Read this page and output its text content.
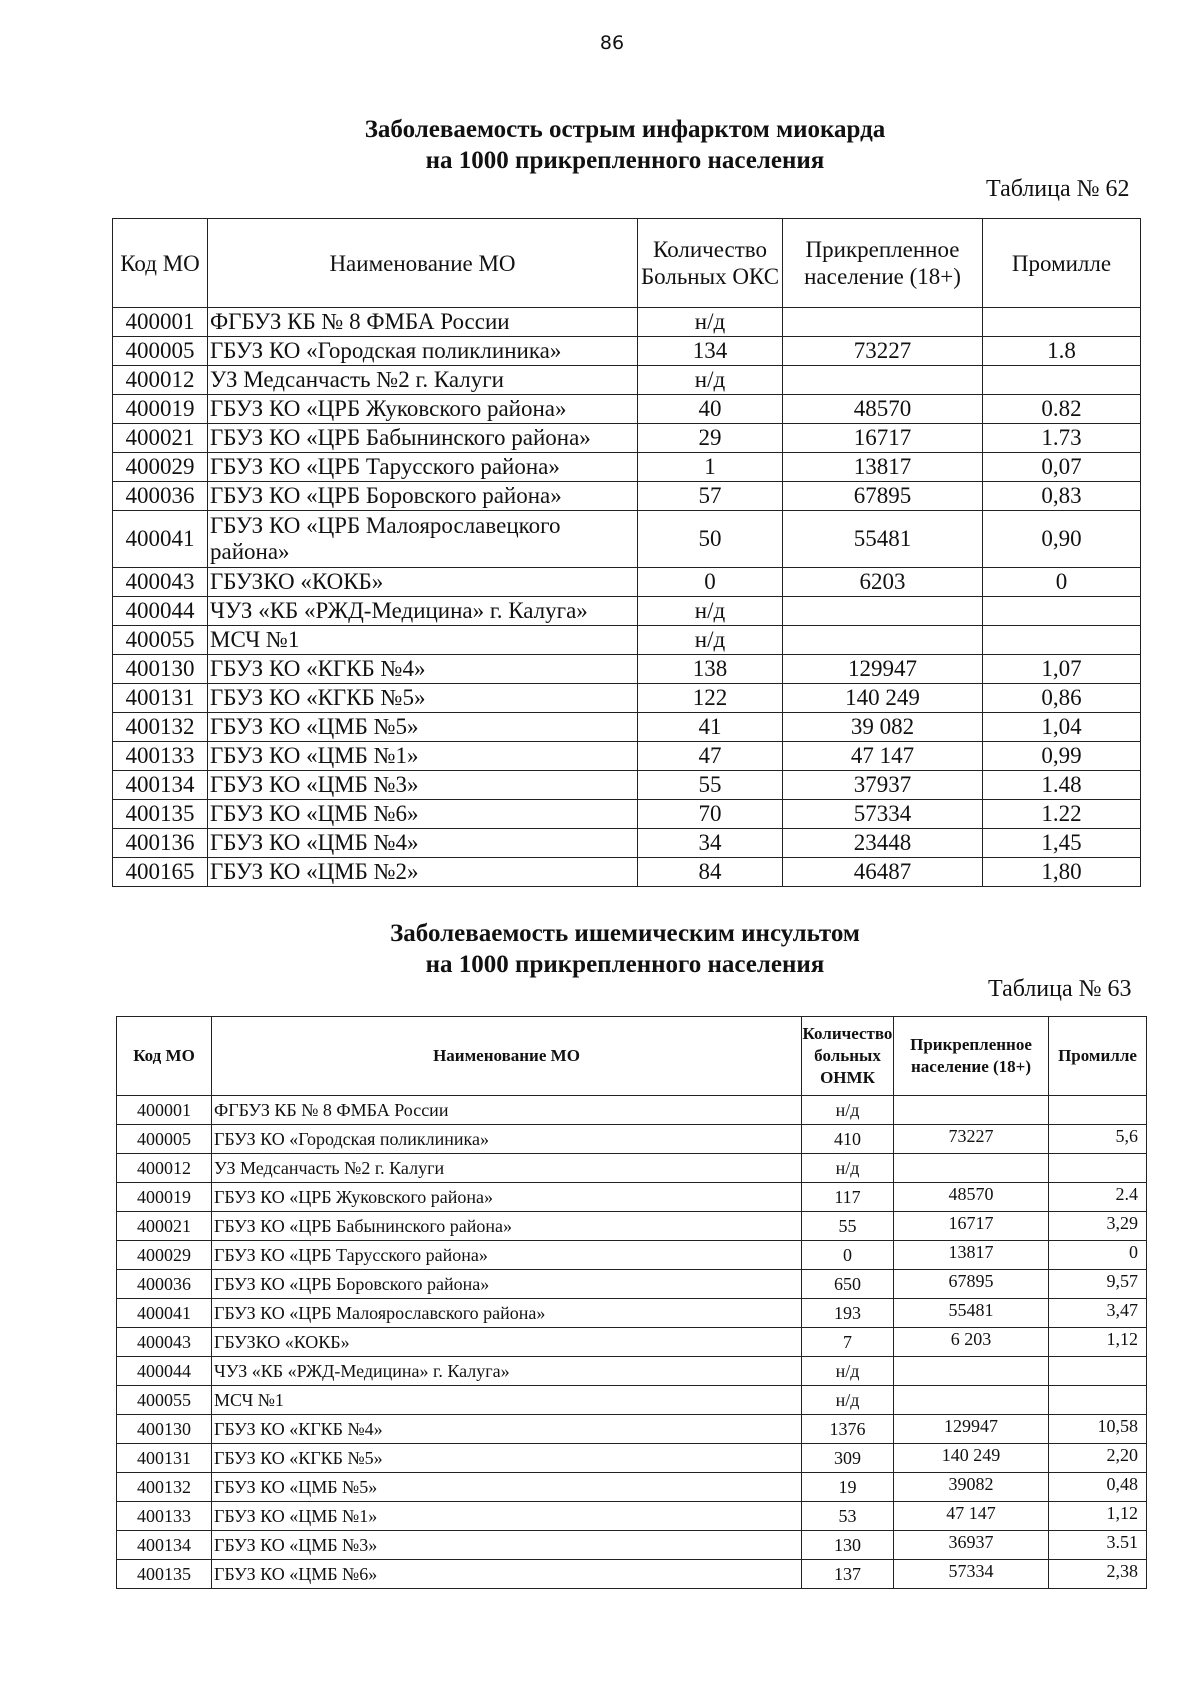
86
Заболеваемость острым инфарктом миокарда
на 1000 прикрепленного населения
Таблица № 62
Код МО	Наименование МО	Количество Больных ОКС	Прикрепленное население (18+)	Промилле
400001	ФГБУЗ КБ № 8 ФМБА России	н/д		
400005	ГБУЗ КО «Городская поликлиника»	134	73227	1.8
400012	УЗ Медсанчасть №2 г. Калуги	н/д		
400019	ГБУЗ КО «ЦРБ Жуковского района»	40	48570	0.82
400021	ГБУЗ КО «ЦРБ Бабынинского района»	29	16717	1.73
400029	ГБУЗ КО «ЦРБ Тарусского района»	1	13817	0,07
400036	ГБУЗ КО «ЦРБ Боровского района»	57	67895	0,83
400041	ГБУЗ КО «ЦРБ Малоярославецкого района»	50	55481	0,90
400043	ГБУЗКО «КОКБ»	0	6203	0
400044	ЧУЗ «КБ «РЖД-Медицина» г. Калуга»	н/д		
400055	МСЧ №1	н/д		
400130	ГБУЗ КО «КГКБ №4»	138	129947	1,07
400131	ГБУЗ КО «КГКБ №5»	122	140 249	0,86
400132	ГБУЗ КО «ЦМБ №5»	41	39 082	1,04
400133	ГБУЗ КО «ЦМБ №1»	47	47 147	0,99
400134	ГБУЗ КО «ЦМБ №3»	55	37937	1.48
400135	ГБУЗ КО «ЦМБ №6»	70	57334	1.22
400136	ГБУЗ КО «ЦМБ №4»	34	23448	1,45
400165	ГБУЗ КО «ЦМБ №2»	84	46487	1,80
Заболеваемость ишемическим инсультом
на 1000 прикрепленного населения
Таблица № 63
Код МО	Наименование МО	Количество больных ОНМК	Прикрепленное население (18+)	Промилле
400001	ФГБУЗ КБ № 8 ФМБА России	н/д		
400005	ГБУЗ КО «Городская поликлиника»	410	73227	5,6
400012	УЗ Медсанчасть №2 г. Калуги	н/д		
400019	ГБУЗ КО «ЦРБ Жуковского района»	117	48570	2.4
400021	ГБУЗ КО «ЦРБ Бабынинского района»	55	16717	3,29
400029	ГБУЗ КО «ЦРБ Тарусского района»	0	13817	0
400036	ГБУЗ КО «ЦРБ Боровского района»	650	67895	9,57
400041	ГБУЗ КО «ЦРБ Малоярославского района»	193	55481	3,47
400043	ГБУЗКО «КОКБ»	7	6 203	1,12
400044	ЧУЗ «КБ «РЖД-Медицина» г. Калуга»	н/д		
400055	МСЧ №1	н/д		
400130	ГБУЗ КО «КГКБ №4»	1376	129947	10,58
400131	ГБУЗ КО «КГКБ №5»	309	140 249	2,20
400132	ГБУЗ КО «ЦМБ №5»	19	39082	0,48
400133	ГБУЗ КО «ЦМБ №1»	53	47 147	1,12
400134	ГБУЗ КО «ЦМБ №3»	130	36937	3.51
400135	ГБУЗ КО «ЦМБ №6»	137	57334	2,38
